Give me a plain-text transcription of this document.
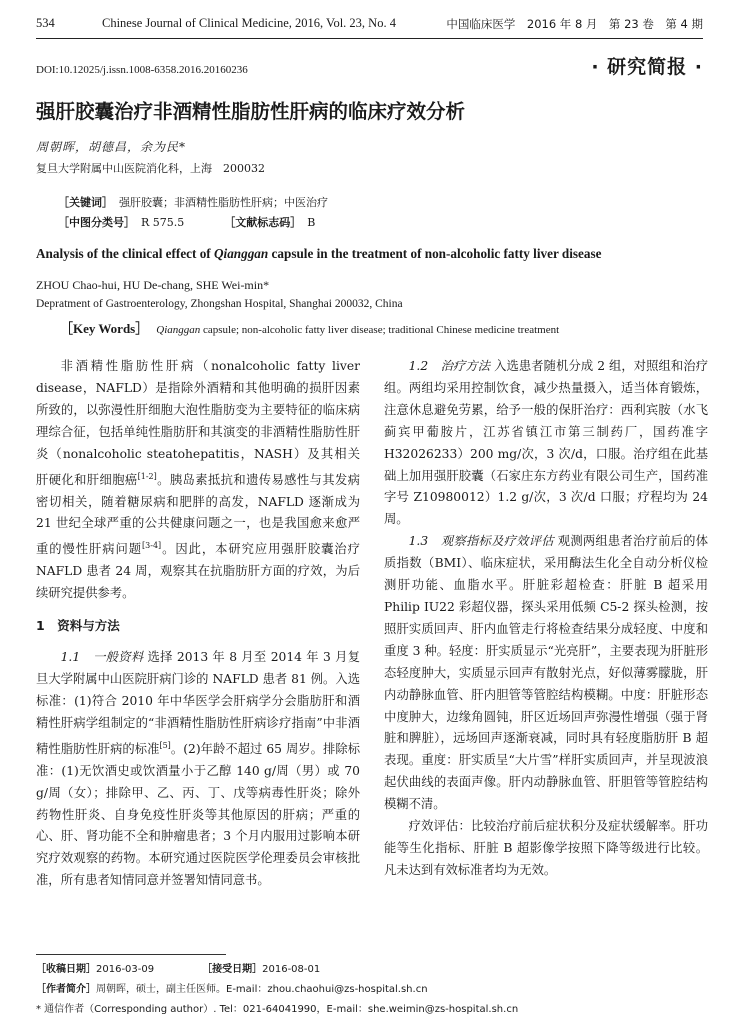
534	Chinese Journal of Clinical Medicine, 2016, Vol. 23, No. 4	中国临床医学　2016 年 8 月　第 23 卷　第 4 期
DOI:10.12025/j.issn.1008-6358.2016.20160236	· 研究简报 ·
强肝胶囊治疗非酒精性脂肪性肝病的临床疗效分析
周朝晖，胡德昌，余为民*
复旦大学附属中山医院消化科，上海　200032
［关键词］ 强肝胶囊；非酒精性脂肪性肝病；中医治疗
［中图分类号］ R 575.5	［文献标志码］ B
Analysis of the clinical effect of Qianggan capsule in the treatment of non-alcoholic fatty liver disease
ZHOU Chao-hui, HU De-chang, SHE Wei-min*
Depratment of Gastroenterology, Zhongshan Hospital, Shanghai 200032, China
［Key Words］ Qianggan capsule; non-alcoholic fatty liver disease; traditional Chinese medicine treatment

非酒精性脂肪性肝病（nonalcoholic fatty liver disease，NAFLD）是指除外酒精和其他明确的损肝因素所致的，以弥漫性肝细胞大泡性脂肪变为主要特征的临床病理综合征，包括单纯性脂肪肝和其演变的非酒精性脂肪性肝炎（nonalcoholic steatohepatitis，NASH）及其相关肝硬化和肝细胞癌[1-2]。胰岛素抵抗和遗传易感性与其发病密切相关，随着糖尿病和肥胖的高发，NAFLD 逐渐成为 21 世纪全球严重的公共健康问题之一，也是我国愈来愈严重的慢性肝病问题[3-4]。因此，本研究应用强肝胶囊治疗 NAFLD 患者 24 周，观察其在抗脂肪肝方面的疗效，为后续研究提供参考。

1　资料与方法

1.1　一般资料 选择 2013 年 8 月至 2014 年 3 月复旦大学附属中山医院肝病门诊的 NAFLD 患者 81 例。入选标准：(1)符合 2010 年中华医学会肝病学分会脂肪肝和酒精性肝病学组制定的“非酒精性脂肪性肝病诊疗指南”中非酒精性脂肪性肝病的标准[5]。(2)年龄不超过 65 周岁。排除标准：(1)无饮酒史或饮酒量小于乙醇 140 g/周（男）或 70 g/周（女）；排除甲、乙、丙、丁、戊等病毒性肝炎；除外药物性肝炎、自身免疫性肝炎等其他原因的肝病；严重的心、肝、肾功能不全和肿瘤患者；3 个月内服用过影响本研究疗效观察的药物。本研究通过医院医学伦理委员会审核批准，所有患者知情同意并签署知情同意书。

1.2　治疗方法 入选患者随机分成 2 组，对照组和治疗组。两组均采用控制饮食，减少热量摄入，适当体育锻炼，注意休息避免劳累，给予一般的保肝治疗：西利宾胺（水飞蓟宾甲葡胺片，江苏省镇江市第三制药厂，国药准字 H32026233）200 mg/次，3 次/d，口服。治疗组在此基础上加用强肝胶囊（石家庄东方药业有限公司生产，国药准字号 Z10980012）1.2 g/次，3 次/d 口服；疗程均为 24 周。

1.3　观察指标及疗效评估 观测两组患者治疗前后的体质指数（BMI）、临床症状，采用酶法生化全自动分析仪检测肝功能、血脂水平。肝脏彩超检查：肝脏 B 超采用 Philip IU22 彩超仪器，探头采用低频 C5-2 探头检测，按照肝实质回声、肝内血管走行将检查结果分成轻度、中度和重度 3 种。轻度：肝实质显示“光亮肝”，主要表现为肝脏形态轻度肿大，实质显示回声有散射光点，好似薄雾朦胧，肝内动静脉血管、肝内胆管等管腔结构模糊。中度：肝脏形态中度肿大，边缘角圆钝，肝区近场回声弥漫性增强（强于肾脏和脾脏），远场回声逐渐衰减，同时具有轻度脂肪肝 B 超表现。重度：肝实质呈“大片雪”样肝实质回声，并呈现波浪起伏曲线的表面声像。肝内动静脉血管、肝胆管等管腔结构模糊不清。

疗效评估：比较治疗前后症状积分及症状缓解率。肝功能等生化指标、肝脏 B 超影像学按照下降等级进行比较。凡未达到有效标准者均为无效。

［收稿日期］2016-03-09	［接受日期］2016-08-01
［作者简介］周朝晖，硕士，副主任医师。E-mail：zhou.chaohui@zs-hospital.sh.cn
* 通信作者（Corresponding author）. Tel：021-64041990，E-mail：she.weimin@zs-hospital.sh.cn
